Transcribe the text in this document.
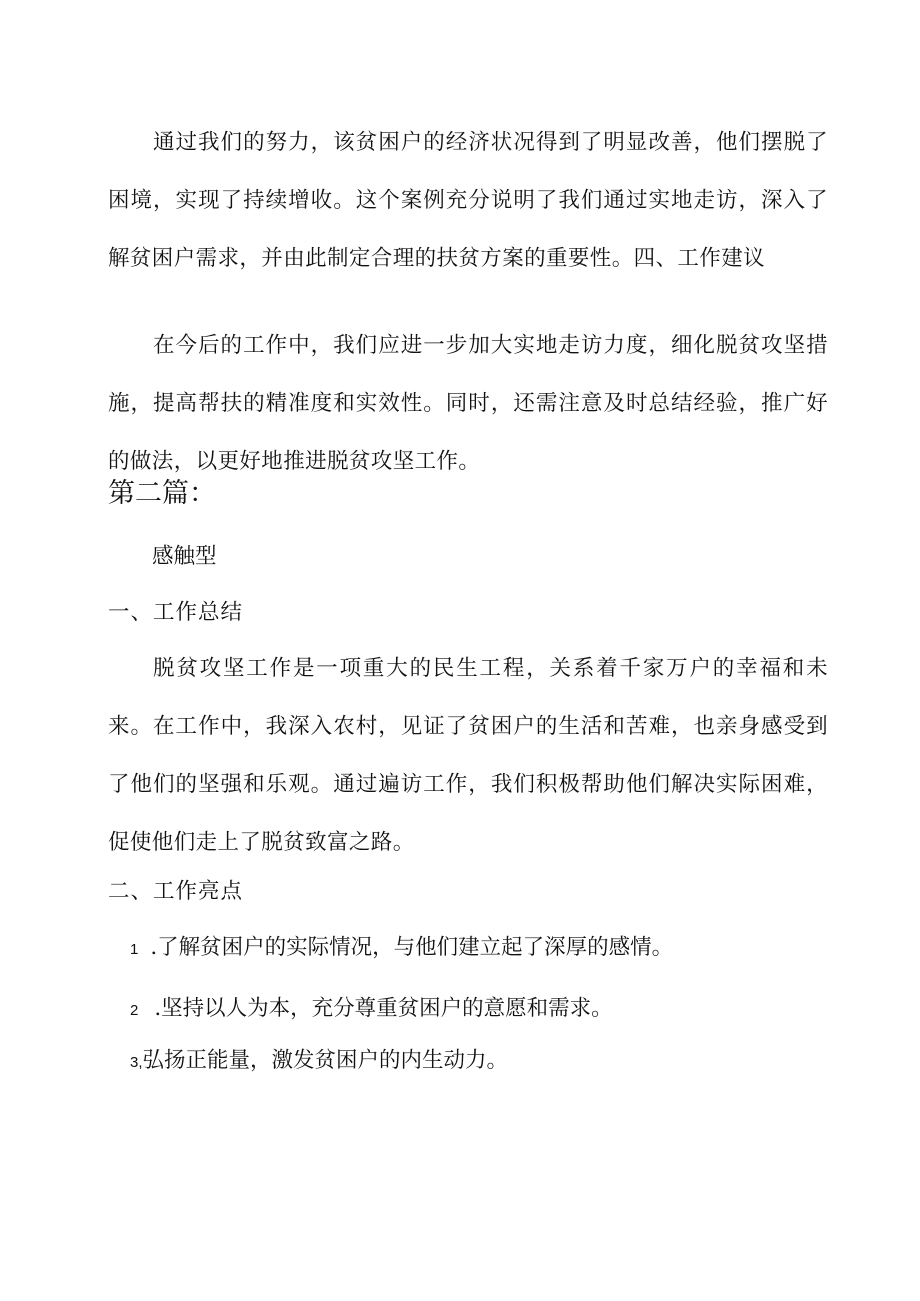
通过我们的努力，该贫困户的经济状况得到了明显改善，他们摆脱了困境，实现了持续增收。这个案例充分说明了我们通过实地走访，深入了解贫困户需求，并由此制定合理的扶贫方案的重要性。四、工作建议

在今后的工作中，我们应进一步加大实地走访力度，细化脱贫攻坚措施，提高帮扶的精准度和实效性。同时，还需注意及时总结经验，推广好的做法，以更好地推进脱贫攻坚工作。

第二篇：
感触型
一、工作总结

脱贫攻坚工作是一项重大的民生工程，关系着千家万户的幸福和未来。在工作中，我深入农村，见证了贫困户的生活和苦难，也亲身感受到了他们的坚强和乐观。通过遍访工作，我们积极帮助他们解决实际困难，促使他们走上了脱贫致富之路。

二、工作亮点

1 .了解贫困户的实际情况，与他们建立起了深厚的感情。

2 .坚持以人为本，充分尊重贫困户的意愿和需求。

3,弘扬正能量，激发贫困户的内生动力。
